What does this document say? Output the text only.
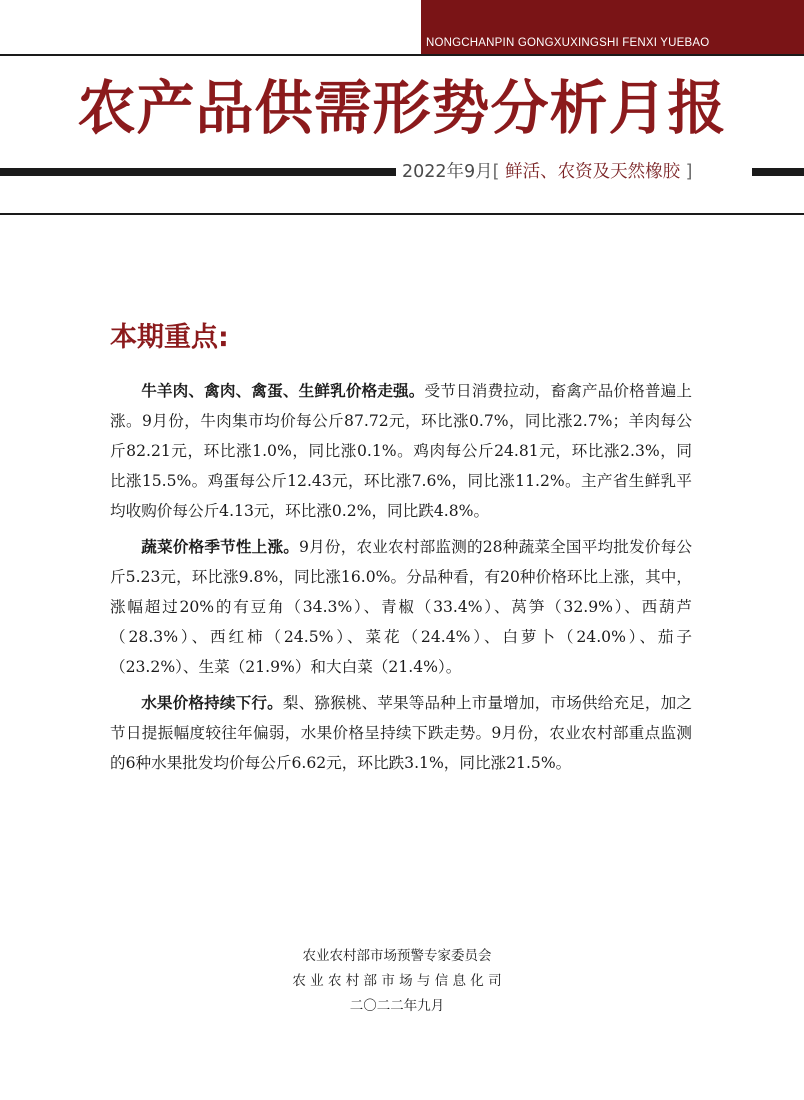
NONGCHANPIN GONGXUXINGSHI FENXI YUEBAO
农产品供需形势分析月报
2022年9月[ 鲜活、农资及天然橡胶 ]
本期重点:

牛羊肉、禽肉、禽蛋、生鲜乳价格走强。受节日消费拉动，畜禽产品价格普遍上涨。9月份，牛肉集市均价每公斤87.72元，环比涨0.7%，同比涨2.7%；羊肉每公斤82.21元，环比涨1.0%，同比涨0.1%。鸡肉每公斤24.81元，环比涨2.3%，同比涨15.5%。鸡蛋每公斤12.43元，环比涨7.6%，同比涨11.2%。主产省生鲜乳平均收购价每公斤4.13元，环比涨0.2%，同比跌4.8%。

蔬菜价格季节性上涨。9月份，农业农村部监测的28种蔬菜全国平均批发价每公斤5.23元，环比涨9.8%，同比涨16.0%。分品种看，有20种价格环比上涨，其中，涨幅超过20%的有豆角（34.3%）、青椒（33.4%）、莴笋（32.9%）、西葫芦（28.3%）、西红柿（24.5%）、菜花（24.4%）、白萝卜（24.0%）、茄子（23.2%）、生菜（21.9%）和大白菜（21.4%）。

水果价格持续下行。梨、猕猴桃、苹果等品种上市量增加，市场供给充足，加之节日提振幅度较往年偏弱，水果价格呈持续下跌走势。9月份，农业农村部重点监测的6种水果批发均价每公斤6.62元，环比跌3.1%，同比涨21.5%。

农业农村部市场预警专家委员会
农 业 农 村 部 市 场 与 信 息 化 司
二〇二二年九月
